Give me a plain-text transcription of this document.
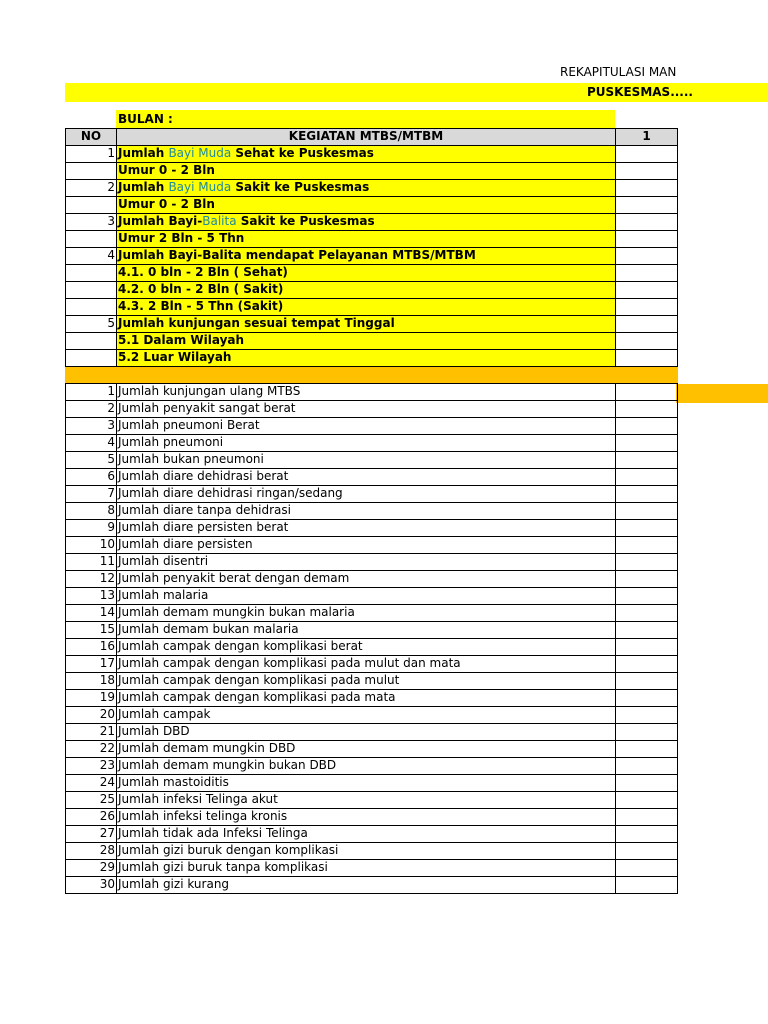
REKAPITULASI MAN
PUSKESMAS.....
BULAN :
NO	KEGIATAN MTBS/MTBM	1
1	Jumlah Bayi Muda Sehat ke Puskesmas	
	Umur 0 - 2 Bln	
2	Jumlah Bayi Muda Sakit ke Puskesmas	
	Umur 0 - 2 Bln	
3	Jumlah Bayi-Balita Sakit ke Puskesmas	
	Umur 2 Bln - 5 Thn	
4	Jumlah Bayi-Balita mendapat Pelayanan MTBS/MTBM	
	4.1. 0 bln - 2 Bln ( Sehat)	
	4.2. 0 bln - 2 Bln ( Sakit)	
	4.3. 2 Bln - 5 Thn (Sakit)	
5	Jumlah kunjungan sesuai tempat Tinggal	
	5.1 Dalam Wilayah	
	5.2 Luar Wilayah	

1	Jumlah kunjungan ulang MTBS	
2	Jumlah penyakit sangat berat	
3	Jumlah pneumoni Berat	
4	Jumlah pneumoni	
5	Jumlah bukan pneumoni	
6	Jumlah diare dehidrasi berat	
7	Jumlah diare dehidrasi ringan/sedang	
8	Jumlah diare tanpa dehidrasi	
9	Jumlah diare persisten berat	
10	Jumlah diare persisten	
11	Jumlah disentri	
12	Jumlah penyakit berat dengan demam	
13	Jumlah malaria	
14	Jumlah demam mungkin bukan malaria	
15	Jumlah demam bukan malaria	
16	Jumlah campak dengan komplikasi berat	
17	Jumlah campak dengan komplikasi pada mulut dan mata	
18	Jumlah campak dengan komplikasi pada mulut	
19	Jumlah campak dengan komplikasi pada mata	
20	Jumlah campak	
21	Jumlah DBD	
22	Jumlah demam mungkin DBD	
23	Jumlah demam mungkin bukan DBD	
24	Jumlah mastoiditis	
25	Jumlah infeksi Telinga akut	
26	Jumlah infeksi telinga kronis	
27	Jumlah tidak ada Infeksi Telinga	
28	Jumlah gizi buruk dengan komplikasi	
29	Jumlah gizi buruk tanpa komplikasi	
30	Jumlah gizi kurang	
